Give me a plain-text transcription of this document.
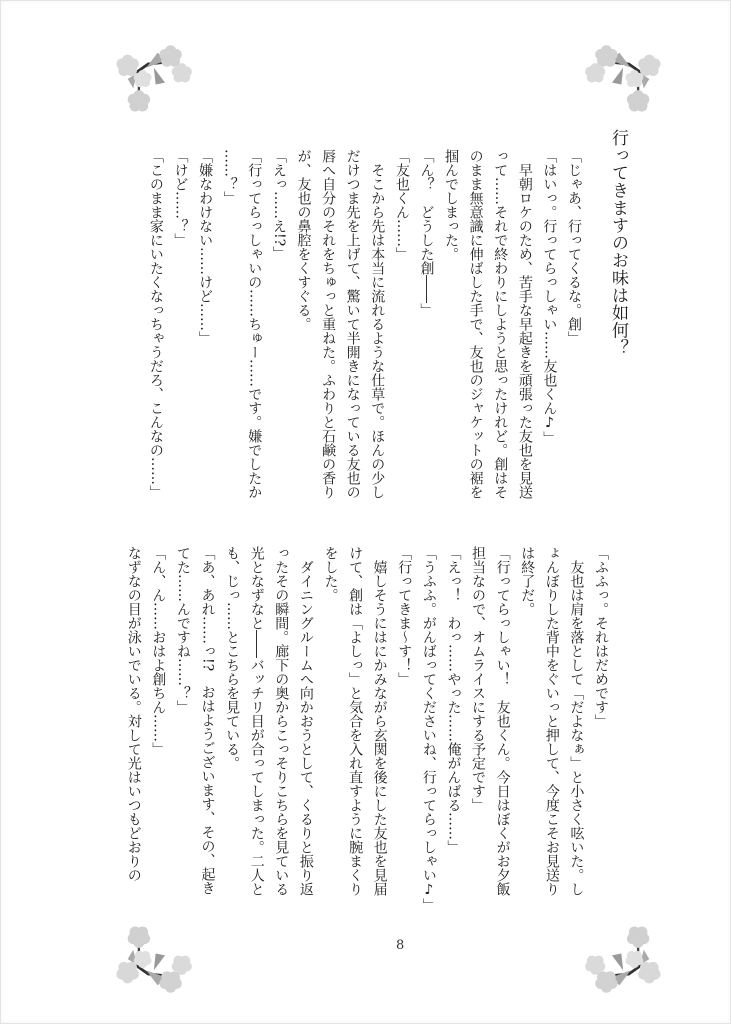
行ってきますのお味は如何？
「じゃあ、行ってくるな。創」
「はいっ。行ってらっしゃい……友也くん♪」
　早朝ロケのため、苦手な早起きを頑張った友也を見送
って……それで終わりにしようと思ったけれど。創はそ
のまま無意識に伸ばした手で、友也のジャケットの裾を
掴んでしまった。
「ん？　どうした創――」
「友也くん……」
　そこから先は本当に流れるような仕草で。ほんの少し
だけつま先を上げて、驚いて半開きになっている友也の
唇へ自分のそれをちゅっと重ねた。ふわりと石鹸の香り
が、友也の鼻腔をくすぐる。
「えっ……え!?」
「行ってらっしゃいの……ちゅー……です。嫌でしたか
……？」
「嫌なわけない……けど……」
「けど……？」
「このまま家にいたくなっちゃうだろ、こんなの……」
「ふふっ。それはだめです」
　友也は肩を落として「だよなぁ」と小さく呟いた。し
ょんぼりした背中をぐいっと押して、今度こそお見送り
は終了だ。
「行ってらっしゃい！　友也くん。今日はぼくがお夕飯
担当なので、オムライスにする予定です」
「えっ！　わっ……やった……俺がんばる……」
「うふふ。がんばってくださいね、行ってらっしゃい♪」
「行ってきま～す！」
　嬉しそうにはにかみながら玄関を後にした友也を見届
けて、創は「よしっ」と気合を入れ直すように腕まくり
をした。
　ダイニングルームへ向かおうとして、くるりと振り返
ったその瞬間。廊下の奥からこっそりこちらを見ている
光となずなと――バッチリ目が合ってしまった。二人と
も、じっ……とこちらを見ている。
「あ、あれ……っ!?　おはようございます、その、起き
てた……んですね……？」
「ん、ん……おはよ創ちん……」
なずなの目が泳いでいる。対して光はいつもどおりの
8
